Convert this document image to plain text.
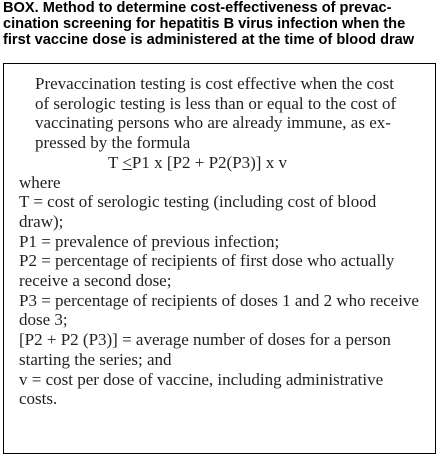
BOX. Method to determine cost-effectiveness of prevac-
cination screening for hepatitis B virus infection when the
first vaccine dose is administered at the time of blood draw

Prevaccination testing is cost effective when the cost
of serologic testing is less than or equal to the cost of
vaccinating persons who are already immune, as ex-
pressed by the formula

T <P1 x [P2 + P2(P3)] x v

where

T = cost of serologic testing (including cost of blood
draw);

P1 = prevalence of previous infection;

P2 = percentage of recipients of first dose who actually
receive a second dose;

P3 = percentage of recipients of doses 1 and 2 who receive
dose 3;

[P2 + P2 (P3)] = average number of doses for a person
starting the series; and

v = cost per dose of vaccine, including administrative
costs.
